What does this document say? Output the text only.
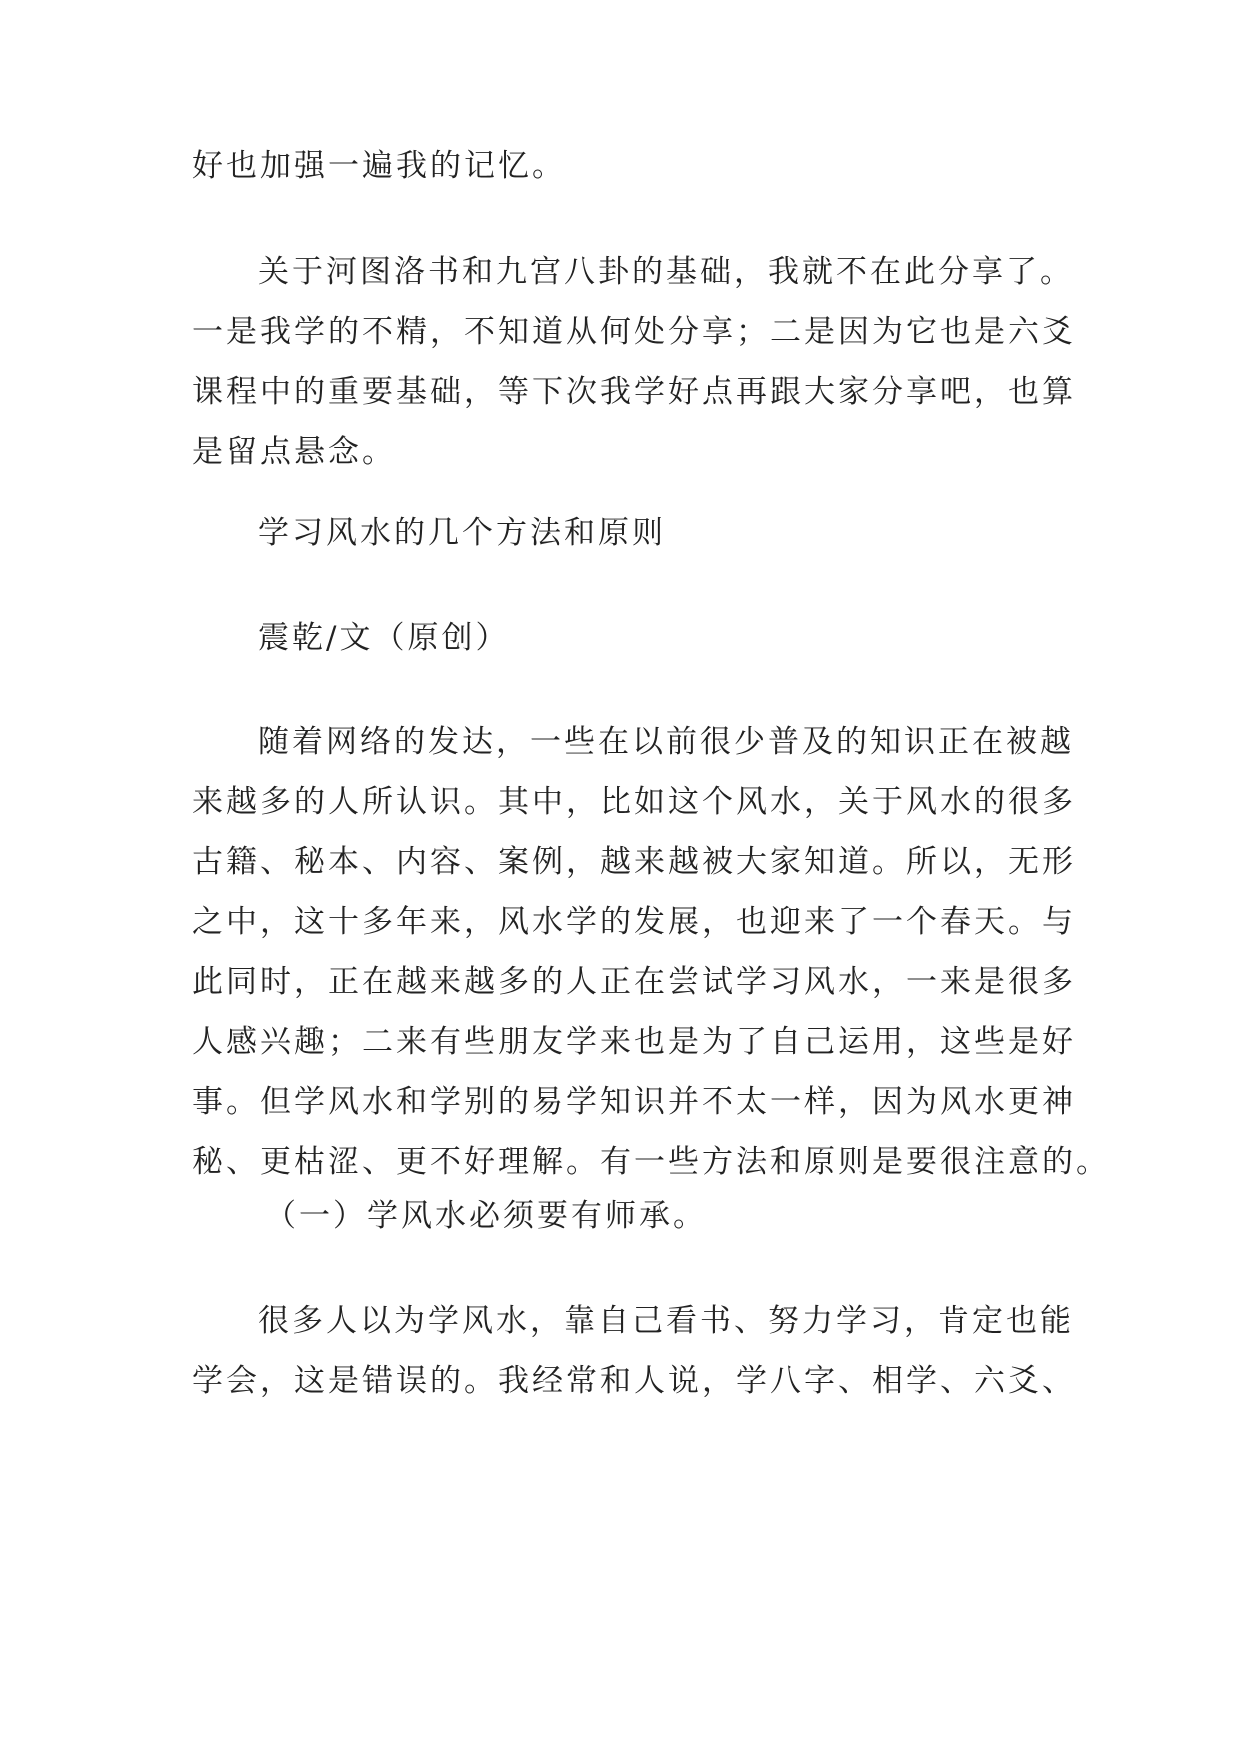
好也加强一遍我的记忆。

关于河图洛书和九宫八卦的基础，我就不在此分享了。
一是我学的不精，不知道从何处分享；二是因为它也是六爻
课程中的重要基础，等下次我学好点再跟大家分享吧，也算
是留点悬念。

学习风水的几个方法和原则

震乾/文（原创）

随着网络的发达，一些在以前很少普及的知识正在被越
来越多的人所认识。其中，比如这个风水，关于风水的很多
古籍、秘本、内容、案例，越来越被大家知道。所以，无形
之中，这十多年来，风水学的发展，也迎来了一个春天。与
此同时，正在越来越多的人正在尝试学习风水，一来是很多
人感兴趣；二来有些朋友学来也是为了自己运用，这些是好
事。但学风水和学别的易学知识并不太一样，因为风水更神
秘、更枯涩、更不好理解。有一些方法和原则是要很注意的。

（一）学风水必须要有师承。

很多人以为学风水，靠自己看书、努力学习，肯定也能
学会，这是错误的。我经常和人说，学八字、相学、六爻、
